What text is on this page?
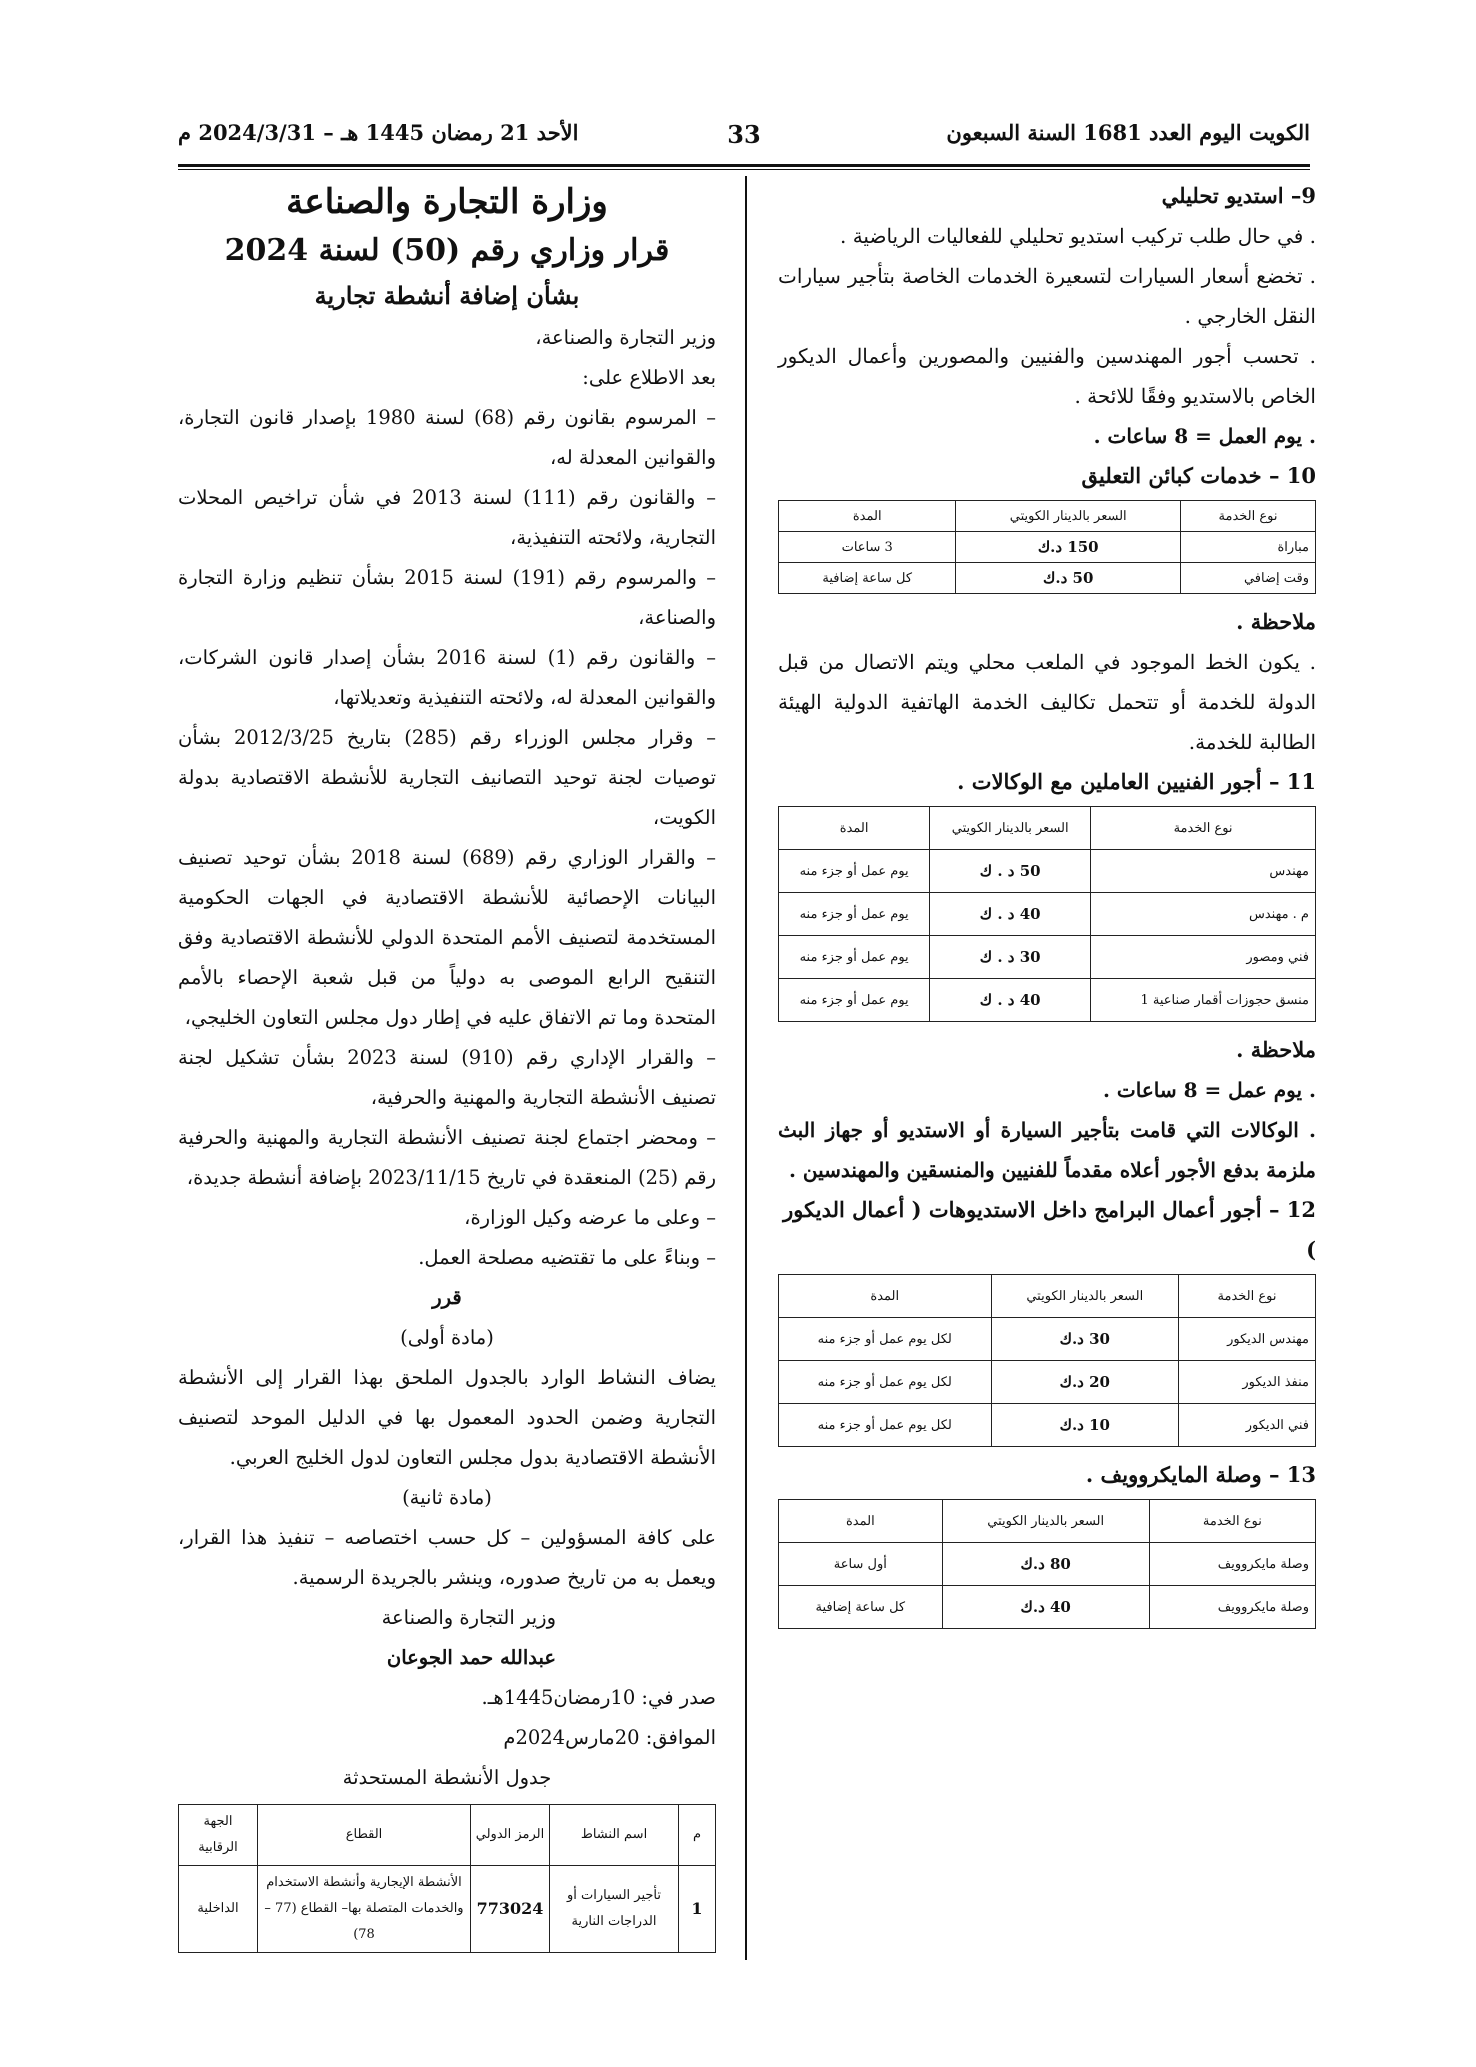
الكويت اليوم العدد 1681 السنة السبعون
33
الأحد 21 رمضان 1445 هـ – 2024/3/31 م

9– استديو تحليلي

. في حال طلب تركيب استديو تحليلي للفعاليات الرياضية .

. تخضع أسعار السيارات لتسعيرة الخدمات الخاصة بتأجير سيارات النقل الخارجي .

. تحسب أجور المهندسين والفنيين والمصورين وأعمال الديكور الخاص بالاستديو وفقًا للائحة .

. يوم العمل = 8 ساعات .

10 – خدمات كبائن التعليق

نوع الخدمة	السعر بالدينار الكويتي	المدة
مباراة	150 د.ك	3 ساعات
وقت إضافي	50 د.ك	كل ساعة إضافية

ملاحظة .

. يكون الخط الموجود في الملعب محلي ويتم الاتصال من قبل الدولة للخدمة أو تتحمل تكاليف الخدمة الهاتفية الدولية الهيئة الطالبة للخدمة.

11 – أجور الفنيين العاملين مع الوكالات .

نوع الخدمة	السعر بالدينار الكويتي	المدة
مهندس	50 د . ك	يوم عمل أو جزء منه
م . مهندس	40 د . ك	يوم عمل أو جزء منه
فني ومصور	30 د . ك	يوم عمل أو جزء منه
منسق حجوزات أقمار صناعية 1	40 د . ك	يوم عمل أو جزء منه

ملاحظة .

. يوم عمل = 8 ساعات .

. الوكالات التي قامت بتأجير السيارة أو الاستديو أو جهاز البث ملزمة بدفع الأجور أعلاه مقدماً للفنيين والمنسقين والمهندسين .

12 – أجور أعمال البرامج داخل الاستديوهات ( أعمال الديكور )

نوع الخدمة	السعر بالدينار الكويتي	المدة
مهندس الديكور	30 د.ك	لكل يوم عمل أو جزء منه
منفذ الديكور	20 د.ك	لكل يوم عمل أو جزء منه
فني الديكور	10 د.ك	لكل يوم عمل أو جزء منه

13 – وصلة المايكروويف .

نوع الخدمة	السعر بالدينار الكويتي	المدة
وصلة مايكروويف	80 د.ك	أول ساعة
وصلة مايكروويف	40 د.ك	كل ساعة إضافية

وزارة التجارة والصناعة

قرار وزاري رقم (50) لسنة 2024

بشأن إضافة أنشطة تجارية

وزير التجارة والصناعة،

بعد الاطلاع على:

– المرسوم بقانون رقم (68) لسنة 1980 بإصدار قانون التجارة، والقوانين المعدلة له،

– والقانون رقم (111) لسنة 2013 في شأن تراخيص المحلات التجارية، ولائحته التنفيذية،

– والمرسوم رقم (191) لسنة 2015 بشأن تنظيم وزارة التجارة والصناعة،

– والقانون رقم (1) لسنة 2016 بشأن إصدار قانون الشركات، والقوانين المعدلة له، ولائحته التنفيذية وتعديلاتها،

– وقرار مجلس الوزراء رقم (285) بتاريخ 2012/3/25 بشأن توصيات لجنة توحيد التصانيف التجارية للأنشطة الاقتصادية بدولة الكويت،

– والقرار الوزاري رقم (689) لسنة 2018 بشأن توحيد تصنيف البيانات الإحصائية للأنشطة الاقتصادية في الجهات الحكومية المستخدمة لتصنيف الأمم المتحدة الدولي للأنشطة الاقتصادية وفق التنقيح الرابع الموصى به دولياً من قبل شعبة الإحصاء بالأمم المتحدة وما تم الاتفاق عليه في إطار دول مجلس التعاون الخليجي،

– والقرار الإداري رقم (910) لسنة 2023 بشأن تشكيل لجنة تصنيف الأنشطة التجارية والمهنية والحرفية،

– ومحضر اجتماع لجنة تصنيف الأنشطة التجارية والمهنية والحرفية رقم (25) المنعقدة في تاريخ 2023/11/15 بإضافة أنشطة جديدة،

– وعلى ما عرضه وكيل الوزارة،

– وبناءً على ما تقتضيه مصلحة العمل.

قرر

(مادة أولى)

يضاف النشاط الوارد بالجدول الملحق بهذا القرار إلى الأنشطة التجارية وضمن الحدود المعمول بها في الدليل الموحد لتصنيف الأنشطة الاقتصادية بدول مجلس التعاون لدول الخليج العربي.

(مادة ثانية)

على كافة المسؤولين – كل حسب اختصاصه – تنفيذ هذا القرار، ويعمل به من تاريخ صدوره، وينشر بالجريدة الرسمية.

وزير التجارة والصناعة

عبدالله حمد الجوعان

صدر في: 10رمضان1445هـ.

الموافق: 20مارس2024م

جدول الأنشطة المستحدثة

م	اسم النشاط	الرمز الدولي	القطاع	الجهة الرقابية
1	تأجير السيارات أو الدراجات النارية	773024	الأنشطة الإيجارية وأنشطة الاستخدام والخدمات المتصلة بها– القطاع (77 – 78)	الداخلية
